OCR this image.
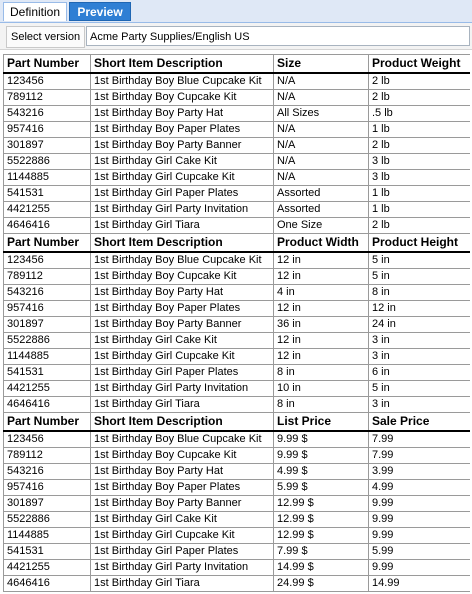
Definition	Preview
Select version Acme Party Supplies/English US
Part Number	Short Item Description	Size	Product Weight
123456	1st Birthday Boy Blue Cupcake Kit	N/A	2 lb
789112	1st Birthday Boy Cupcake Kit	N/A	2 lb
543216	1st Birthday Boy Party Hat	All Sizes	.5 lb
957416	1st Birthday Boy Paper Plates	N/A	1 lb
301897	1st Birthday Boy Party Banner	N/A	2 lb
5522886	1st Birthday Girl Cake Kit	N/A	3 lb
1144885	1st Birthday Girl Cupcake Kit	N/A	3 lb
541531	1st Birthday Girl Paper Plates	Assorted	1 lb
4421255	1st Birthday Girl Party Invitation	Assorted	1 lb
4646416	1st Birthday Girl Tiara	One Size	2 lb
Part Number	Short Item Description	Product Width	Product Height
123456	1st Birthday Boy Blue Cupcake Kit	12 in	5 in
789112	1st Birthday Boy Cupcake Kit	12 in	5 in
543216	1st Birthday Boy Party Hat	4 in	8 in
957416	1st Birthday Boy Paper Plates	12 in	12 in
301897	1st Birthday Boy Party Banner	36 in	24 in
5522886	1st Birthday Girl Cake Kit	12 in	3 in
1144885	1st Birthday Girl Cupcake Kit	12 in	3 in
541531	1st Birthday Girl Paper Plates	8 in	6 in
4421255	1st Birthday Girl Party Invitation	10 in	5 in
4646416	1st Birthday Girl Tiara	8 in	3 in
Part Number	Short Item Description	List Price	Sale Price
123456	1st Birthday Boy Blue Cupcake Kit	9.99 $	7.99
789112	1st Birthday Boy Cupcake Kit	9.99 $	7.99
543216	1st Birthday Boy Party Hat	4.99 $	3.99
957416	1st Birthday Boy Paper Plates	5.99 $	4.99
301897	1st Birthday Boy Party Banner	12.99 $	9.99
5522886	1st Birthday Girl Cake Kit	12.99 $	9.99
1144885	1st Birthday Girl Cupcake Kit	12.99 $	9.99
541531	1st Birthday Girl Paper Plates	7.99 $	5.99
4421255	1st Birthday Girl Party Invitation	14.99 $	9.99
4646416	1st Birthday Girl Tiara	24.99 $	14.99
